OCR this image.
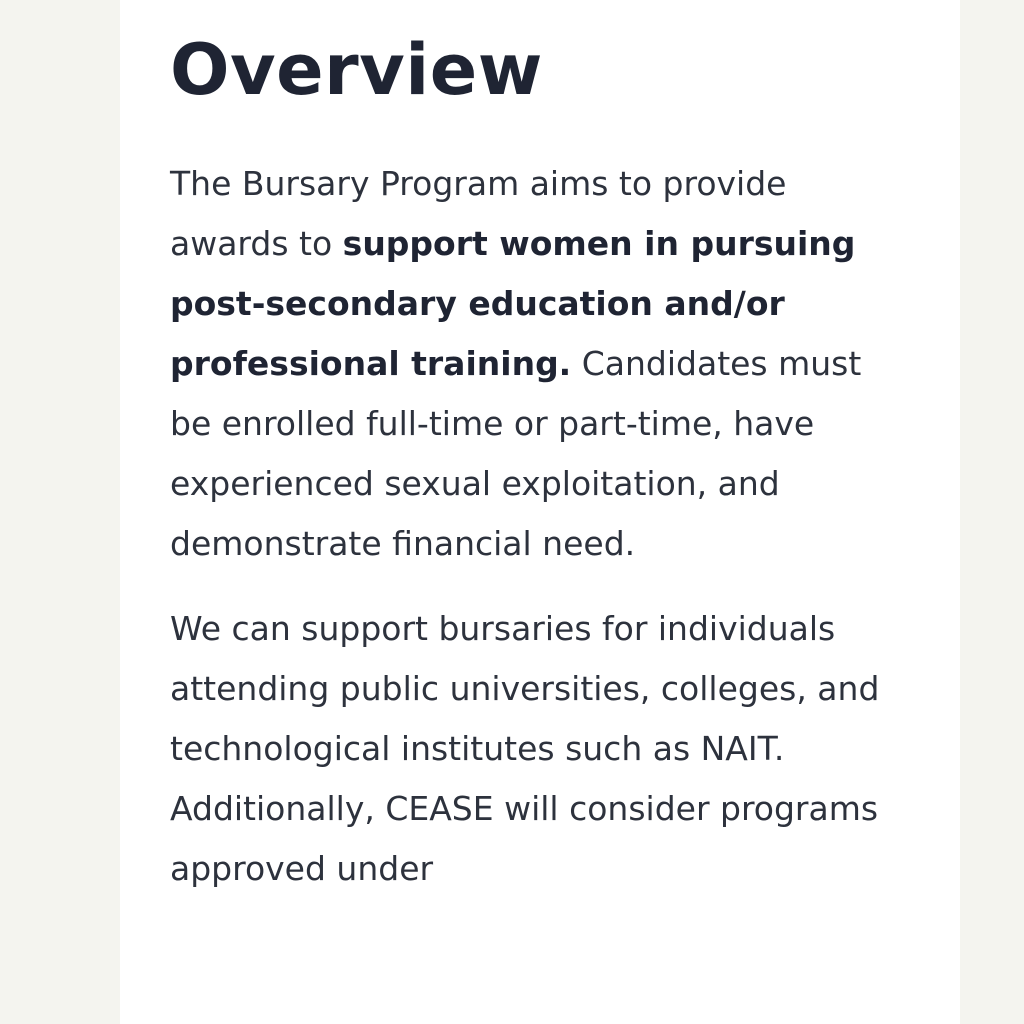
Overview

The Bursary Program aims to provide awards to support women in pursuing post-secondary education and/or professional training. Candidates must be enrolled full-time or part-time, have experienced sexual exploitation, and demonstrate financial need.

We can support bursaries for individuals attending public universities, colleges, and technological institutes such as NAIT. Additionally, CEASE will consider programs approved under
